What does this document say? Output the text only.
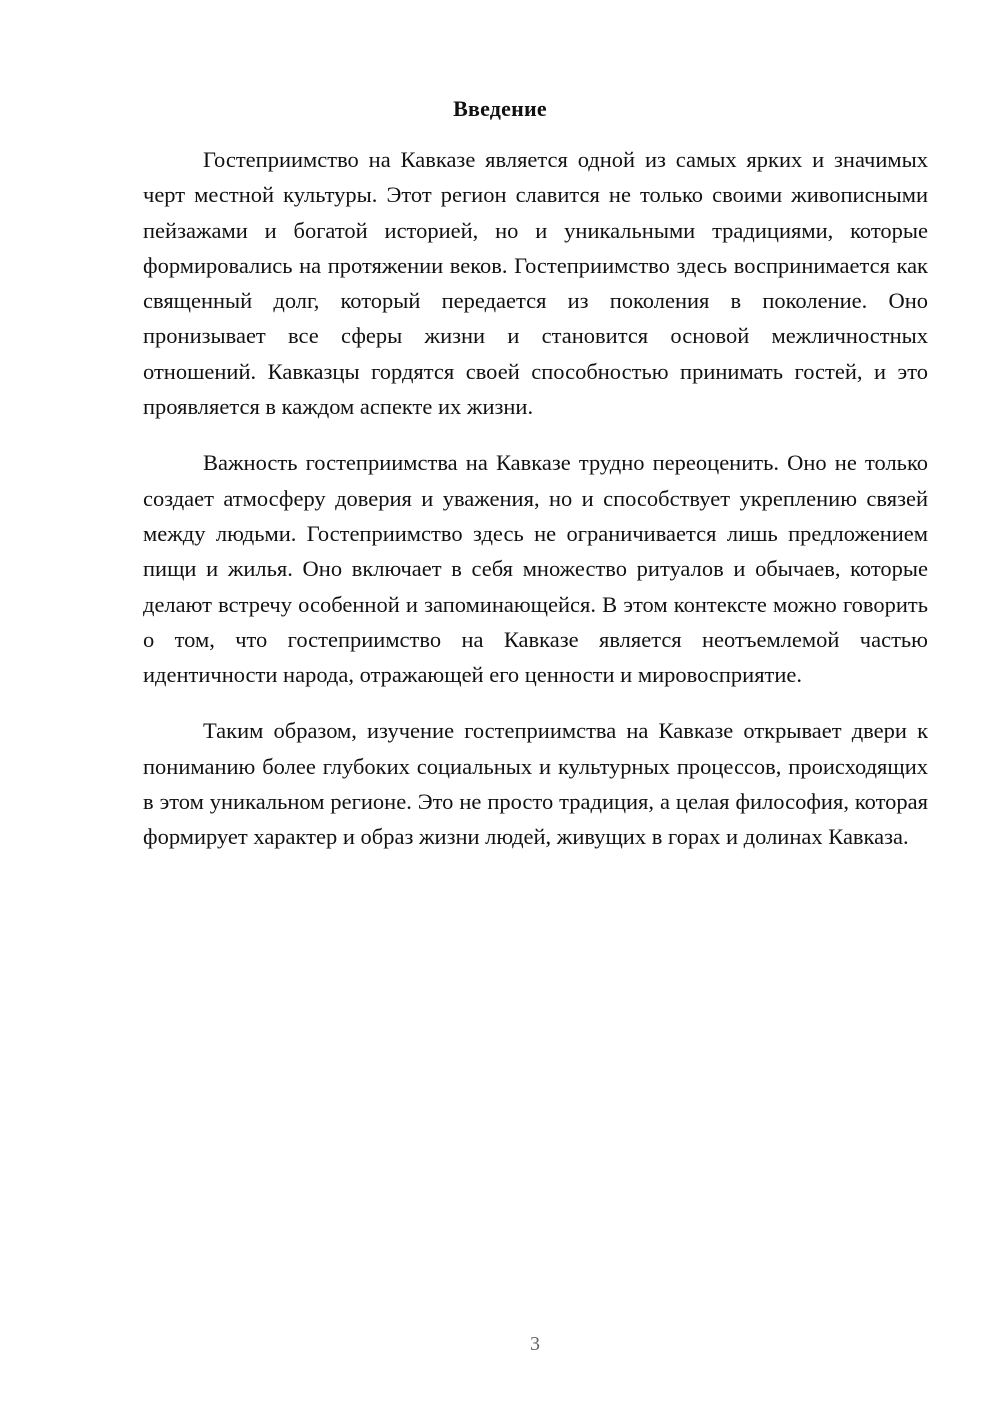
Введение

Гостеприимство на Кавказе является одной из самых ярких и значимых черт местной культуры. Этот регион славится не только своими живописными пейзажами и богатой историей, но и уникальными традициями, которые формировались на протяжении веков. Гостеприимство здесь воспринимается как священный долг, который передается из поколения в поколение. Оно пронизывает все сферы жизни и становится основой межличностных отношений. Кавказцы гордятся своей способностью принимать гостей, и это проявляется в каждом аспекте их жизни.

Важность гостеприимства на Кавказе трудно переоценить. Оно не только создает атмосферу доверия и уважения, но и способствует укреплению связей между людьми. Гостеприимство здесь не ограничивается лишь предложением пищи и жилья. Оно включает в себя множество ритуалов и обычаев, которые делают встречу особенной и запоминающейся. В этом контексте можно говорить о том, что гостеприимство на Кавказе является неотъемлемой частью идентичности народа, отражающей его ценности и мировосприятие.

Таким образом, изучение гостеприимства на Кавказе открывает двери к пониманию более глубоких социальных и культурных процессов, происходящих в этом уникальном регионе. Это не просто традиция, а целая философия, которая формирует характер и образ жизни людей, живущих в горах и долинах Кавказа.

3
